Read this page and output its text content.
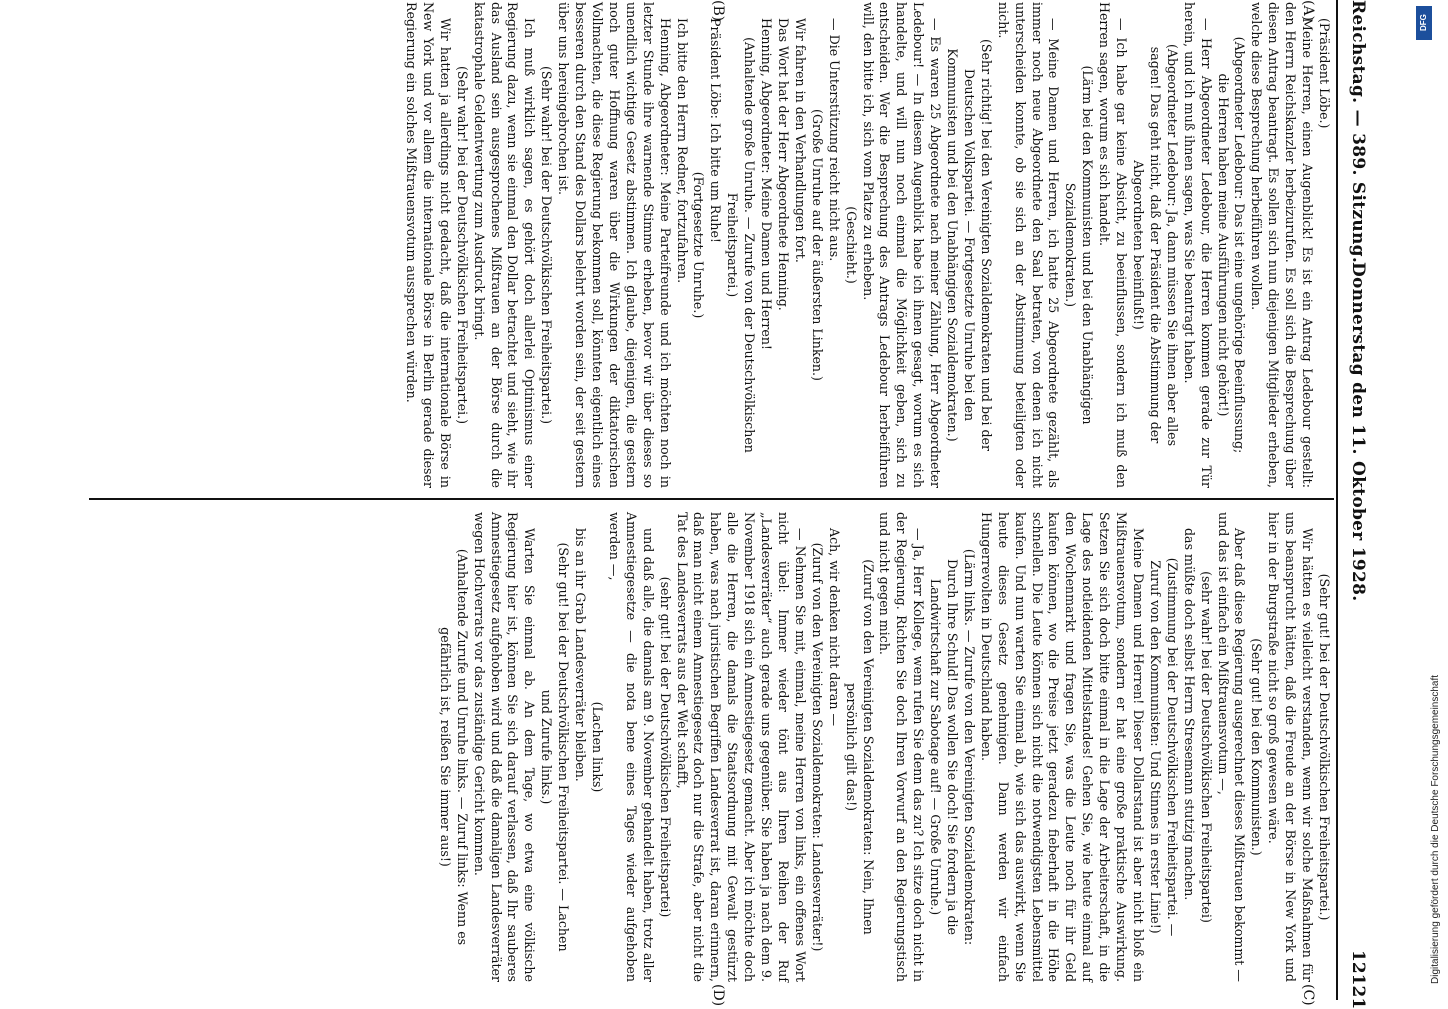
Reichstag. — 389. Sitzung.
Donnerstag den 11. Oktober 1928.
12121
(A)
(B)
(C)
(D)

(Präsident Löbe.)

Meine Herren, einen Augenblick! Es ist ein Antrag Ledebour gestellt: den Herrn Reichskanzler herbeizurufen. Es soll sich die Besprechung über diesen Antrag beantragt. Es sollen sich nun diejenigen Mitglieder erheben, welche diese Besprechung herbeiführen wollen.

(Abgeordneter Ledebour: Das ist eine ungehörige Beeinflussung; die Herren haben meine Ausführungen nicht gehört!)

— Herr Abgeordneter Ledebour, die Herren kommen gerade zur Tür herein, und ich muß ihnen sagen, was Sie beantragt haben.

(Abgeordneter Ledebour: Ja, dann müssen Sie ihnen aber alles sagen! Das geht nicht, daß der Präsident die Abstimmung der Abgeordneten beeinflußt!)

— Ich habe gar keine Absicht, zu beeinflussen, sondern ich muß den Herren sagen, worum es sich handelt.

(Lärm bei den Kommunisten und bei den Unabhängigen Sozialdemokraten.)

— Meine Damen und Herren, ich hatte 25 Abgeordnete gezählt, als immer noch neue Abgeordnete den Saal betraten, von denen ich nicht unterscheiden konnte, ob sie sich an der Abstimmung beteiligten oder nicht.

(Sehr richtig! bei den Vereinigten Sozialdemokraten und bei der Deutschen Volkspartei. — Fortgesetzte Unruhe bei den Kommunisten und bei den Unabhängigen Sozialdemokraten.)

— Es waren 25 Abgeordnete nach meiner Zählung, Herr Abgeordneter Ledebour! — In diesem Augenblick habe ich ihnen gesagt, worum es sich handelte, und will nun noch einmal die Möglichkeit geben, sich zu entscheiden. Wer die Besprechung des Antrags Ledebour herbeiführen will, den bitte ich, sich vom Platze zu erheben.

(Geschieht.)

— Die Unterstützung reicht nicht aus.

(Große Unruhe auf der äußersten Linken.)

Wir fahren in den Verhandlungen fort.

Das Wort hat der Herr Abgeordnete Henning.

Henning, Abgeordneter: Meine Damen und Herren!

(Anhaltende große Unruhe. — Zurufe von der Deutschvölkischen Freiheitspartei.)

Präsident Löbe: Ich bitte um Ruhe!

(Fortgesetzte Unruhe.)

Ich bitte den Herrn Redner, fortzufahren.

Henning, Abgeordneter: Meine Parteifreunde und ich möchten noch in letzter Stunde ihre warnende Stimme erheben, bevor wir über dieses so unendlich wichtige Gesetz abstimmen. Ich glaube, diejenigen, die gestern noch guter Hoffnung waren über die Wirkungen der diktatorischen Vollmachten, die diese Regierung bekommen soll, könnten eigentlich eines besseren durch den Stand des Dollars belehrt worden sein, der seit gestern über uns hereingebrochen ist.

(Sehr wahr! bei der Deutschvölkischen Freiheitspartei.)

Ich muß wirklich sagen, es gehört doch allerlei Optimismus einer Regierung dazu, wenn sie einmal den Dollar betrachtet und sieht, wie ihr das Ausland sein ausgesprochenes Mißtrauen an der Börse durch die katastrophale Geldentwertung zum Ausdruck bringt.

(Sehr wahr! bei der Deutschvölkischen Freiheitspartei.)

Wir hatten ja allerdings nicht gedacht, daß die internationale Börse in New York und vor allem die internationale Börse in Berlin gerade dieser Regierung ein solches Mißtrauensvotum aussprechen würden.

(Sehr gut! bei der Deutschvölkischen Freiheitspartei.)

Wir hätten es vielleicht verstanden, wenn wir solche Maßnahmen für uns beansprucht hätten, daß die Freude an der Börse in New York und hier in der Burgstraße nicht so groß gewesen wäre.

(Sehr gut! bei den Kommunisten.)

Aber daß diese Regierung ausgerechnet dieses Mißtrauen bekommt — und das ist einfach ein Mißtrauensvotum —,

(sehr wahr! bei der Deutschvölkischen Freiheitspartei)

das müßte doch selbst Herrn Stresemann stutzig machen.

(Zustimmung bei der Deutschvölkischen Freiheitspartei. — Zuruf von den Kommunisten: Und Stinnes in erster Linie!)

Meine Damen und Herren! Dieser Dollarstand ist aber nicht bloß ein Mißtrauensvotum, sondern er hat eine große praktische Auswirkung. Setzen Sie sich doch bitte einmal in die Lage der Arbeiterschaft, in die Lage des notleidenden Mittelstandes! Gehen Sie, wie heute einmal auf den Wochenmarkt und fragen Sie, was die Leute noch für ihr Geld kaufen können, wo die Preise jetzt geradezu fieberhaft in die Höhe schnellen. Die Leute können sich nicht die notwendigsten Lebensmittel kaufen. Und nun warten Sie einmal ab, wie sich das auswirkt, wenn Sie heute dieses Gesetz genehmigen. Dann werden wir einfach Hungerrevolten in Deutschland haben.

(Lärm links. — Zurufe von den Vereinigten Sozialdemokraten: Durch Ihre Schuld! Das wollen Sie doch! Sie fordern ja die Landwirtschaft zur Sabotage auf! — Große Unruhe.)

— Ja, Herr Kollege, wem rufen Sie denn das zu? Ich sitze doch nicht in der Regierung. Richten Sie doch Ihren Vorwurf an den Regierungstisch und nicht gegen mich.

(Zuruf von den Vereinigten Sozialdemokraten: Nein, Ihnen persönlich gilt das!)

Ach, wir denken nicht daran —

(Zuruf von den Vereinigten Sozialdemokraten: Landesverräter!)

— Nehmen Sie mit, einmal, meine Herren von links, ein offenes Wort nicht übel: Immer wieder tönt aus Ihren Reihen der Ruf „Landesverräter“ auch gerade uns gegenüber. Sie haben ja nach dem 9. November 1918 sich ein Amnestiegesetz gemacht. Aber ich möchte doch alle die Herren, die damals die Staatsordnung mit Gewalt gestürzt haben, was nach juristischen Begriffen Landesverrat ist, daran erinnern, daß man nicht einem Amnestiegesetz doch nur die Strafe, aber nicht die Tat des Landesverrats aus der Welt schafft,

(sehr gut! bei der Deutschvölkischen Freiheitspartei)

und daß alle, die damals am 9. November gehandelt haben, trotz aller Amnestiegesetze — die nota bene eines Tages wieder aufgehoben werden —,

(Lachen links)

bis an ihr Grab Landesverräter bleiben.

(Sehr gut! bei der Deutschvölkischen Freiheitspartei. — Lachen und Zurufe links.)

Warten Sie einmal ab. An dem Tage, wo etwa eine völkische Regierung hier ist, können Sie sich darauf verlassen, daß Ihr sauberes Amnestiegesetz aufgehoben wird und daß die damaligen Landesverräter wegen Hochverrats vor das zuständige Gericht kommen.

(Anhaltende Zurufe und Unruhe links. — Zuruf links: Wenn es gefährlich ist, reißen Sie immer aus!)	Digitalisierung gefördert durch die Deutsche Forschungsgemeinschaft
DFG
